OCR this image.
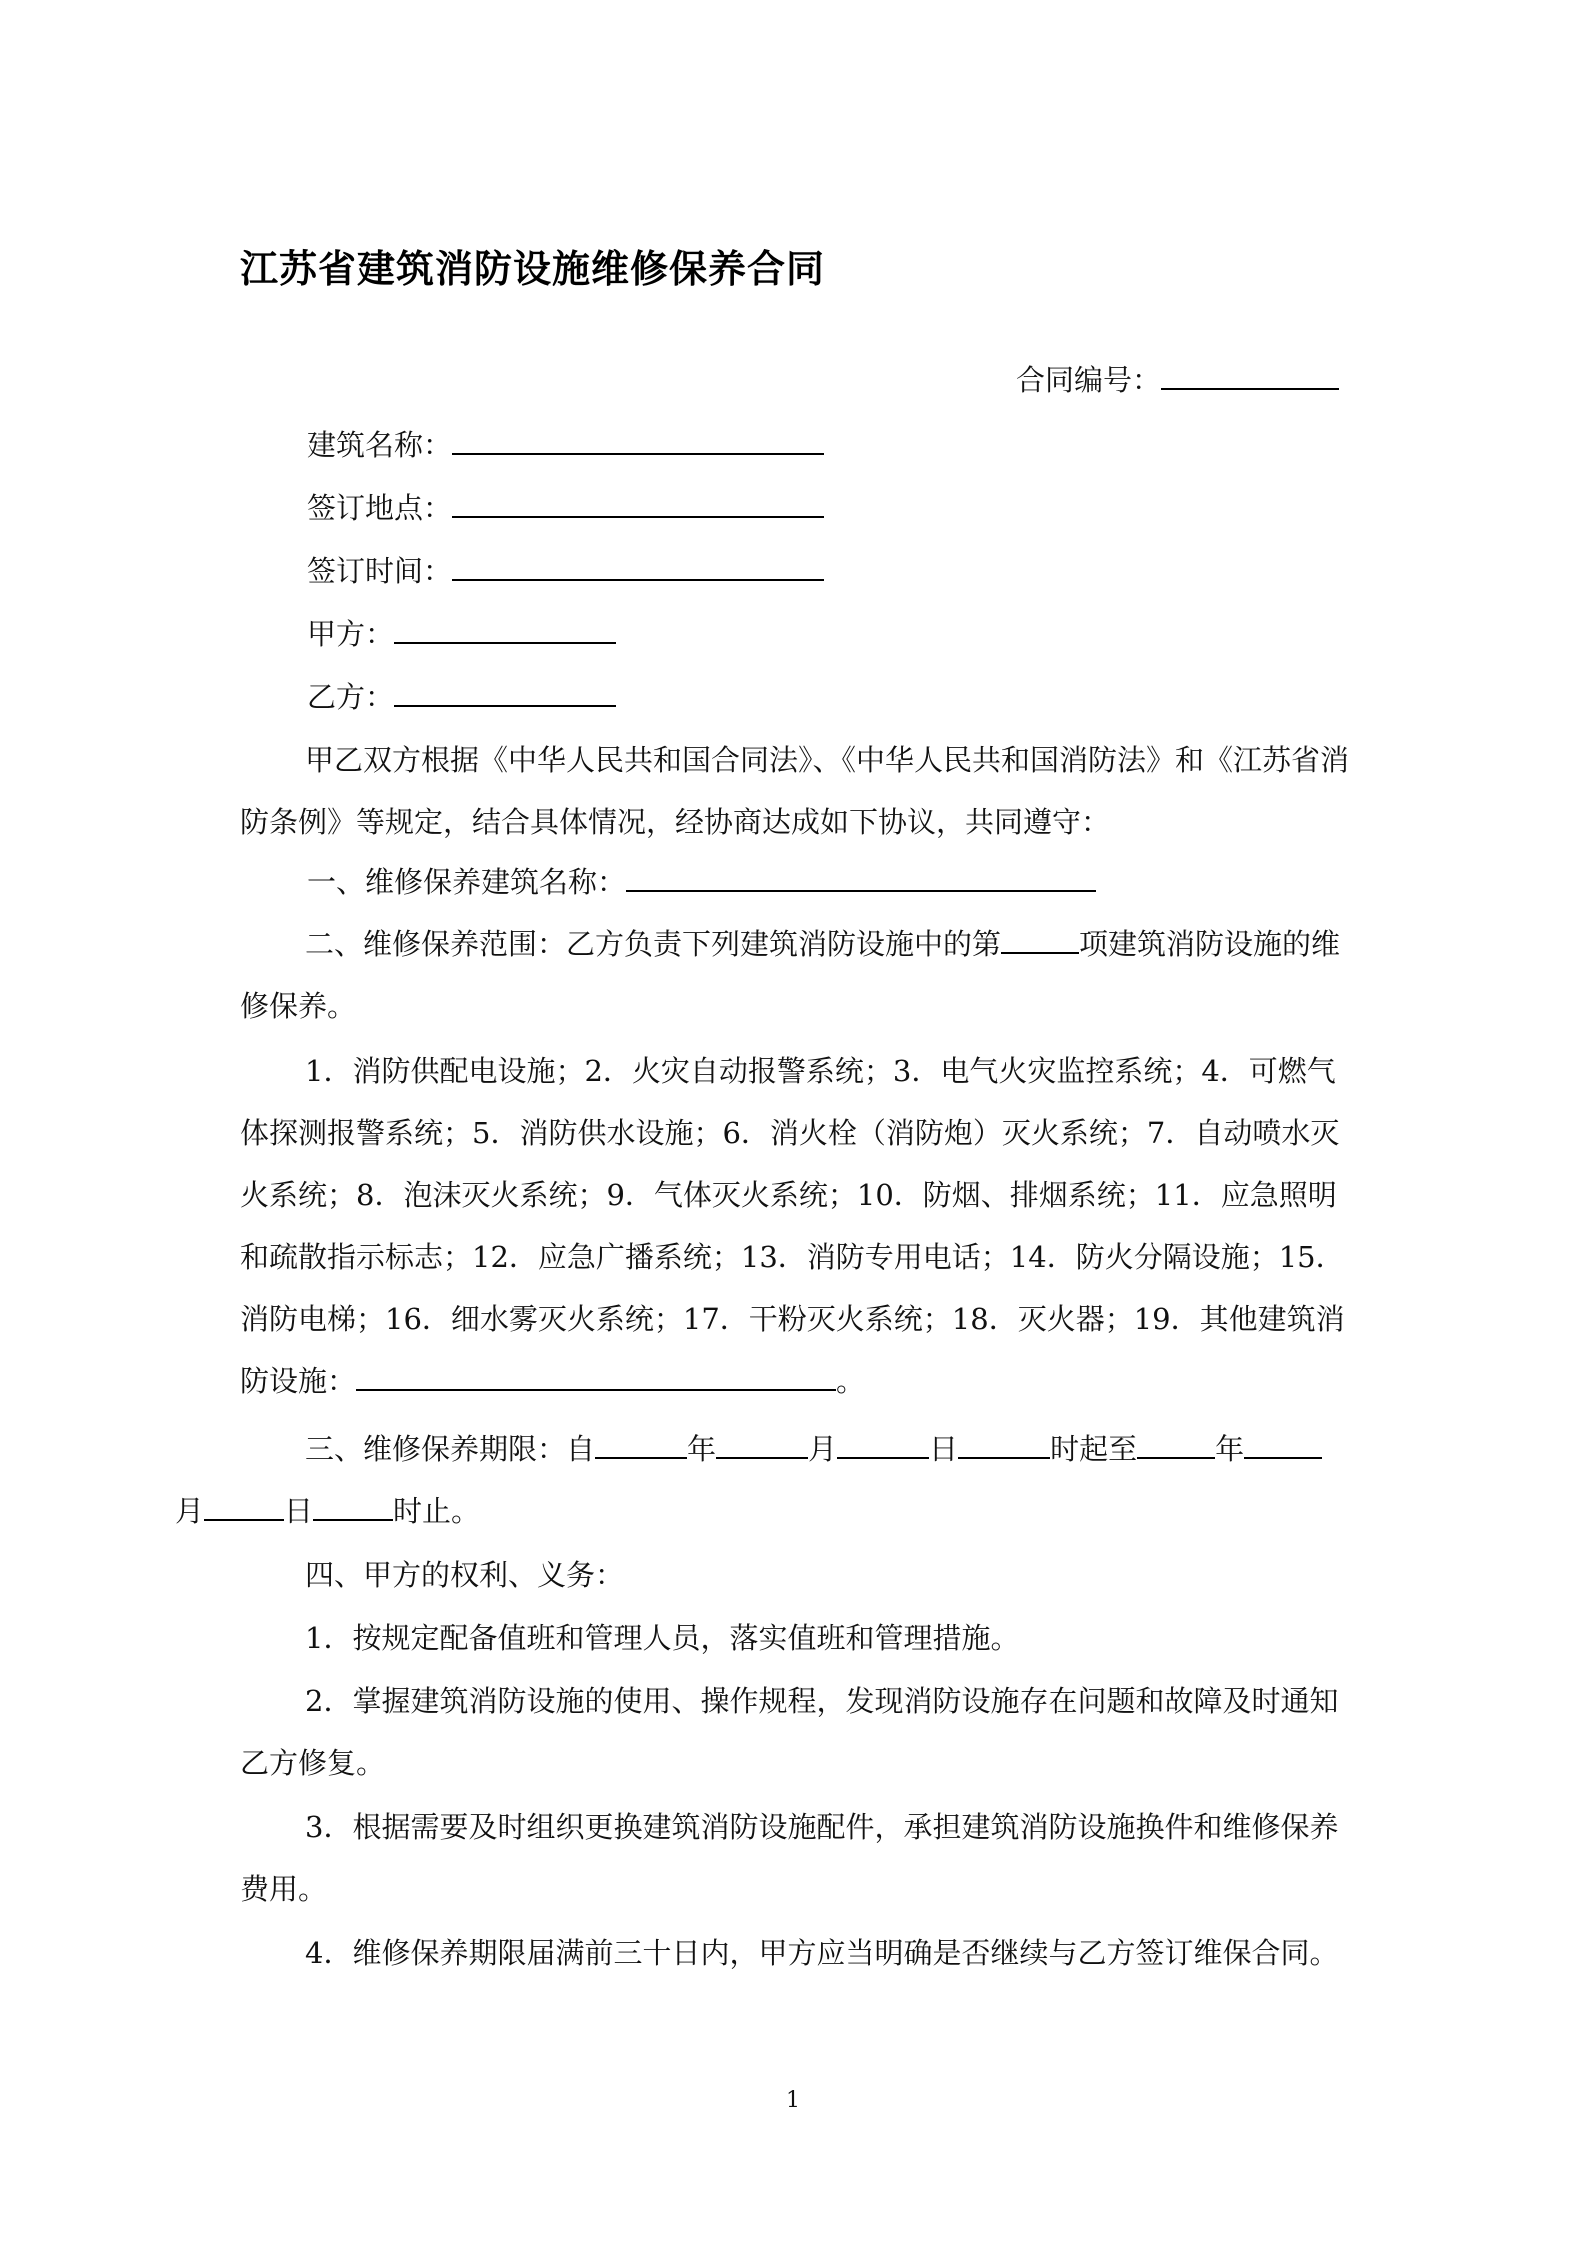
江苏省建筑消防设施维修保养合同
合同编号：
建筑名称：
签订地点：
签订时间：
甲方：
乙方：
甲乙双方根据《中华人民共和国合同法》、《中华人民共和国消防法》和《江苏省消防条例》等规定，结合具体情况，经协商达成如下协议，共同遵守：
一、维修保养建筑名称：
二、维修保养范围：乙方负责下列建筑消防设施中的第	项建筑消防设施的维修保养。
1．消防供配电设施；2．火灾自动报警系统；3．电气火灾监控系统；4．可燃气体探测报警系统；5．消防供水设施；6．消火栓（消防炮）灭火系统；7．自动喷水灭火系统；8．泡沫灭火系统；9．气体灭火系统；10．防烟、排烟系统；11．应急照明和疏散指示标志；12．应急广播系统；13．消防专用电话；14．防火分隔设施；15．消防电梯；16．细水雾灭火系统；17．干粉灭火系统；18．灭火器；19．其他建筑消防设施：	。
三、维修保养期限：自	年	月	日	时起至	年
月	日	时止。
四、甲方的权利、义务：
1．按规定配备值班和管理人员，落实值班和管理措施。
2．掌握建筑消防设施的使用、操作规程，发现消防设施存在问题和故障及时通知乙方修复。
3．根据需要及时组织更换建筑消防设施配件，承担建筑消防设施换件和维修保养费用。
4．维修保养期限届满前三十日内，甲方应当明确是否继续与乙方签订维保合同。
1
